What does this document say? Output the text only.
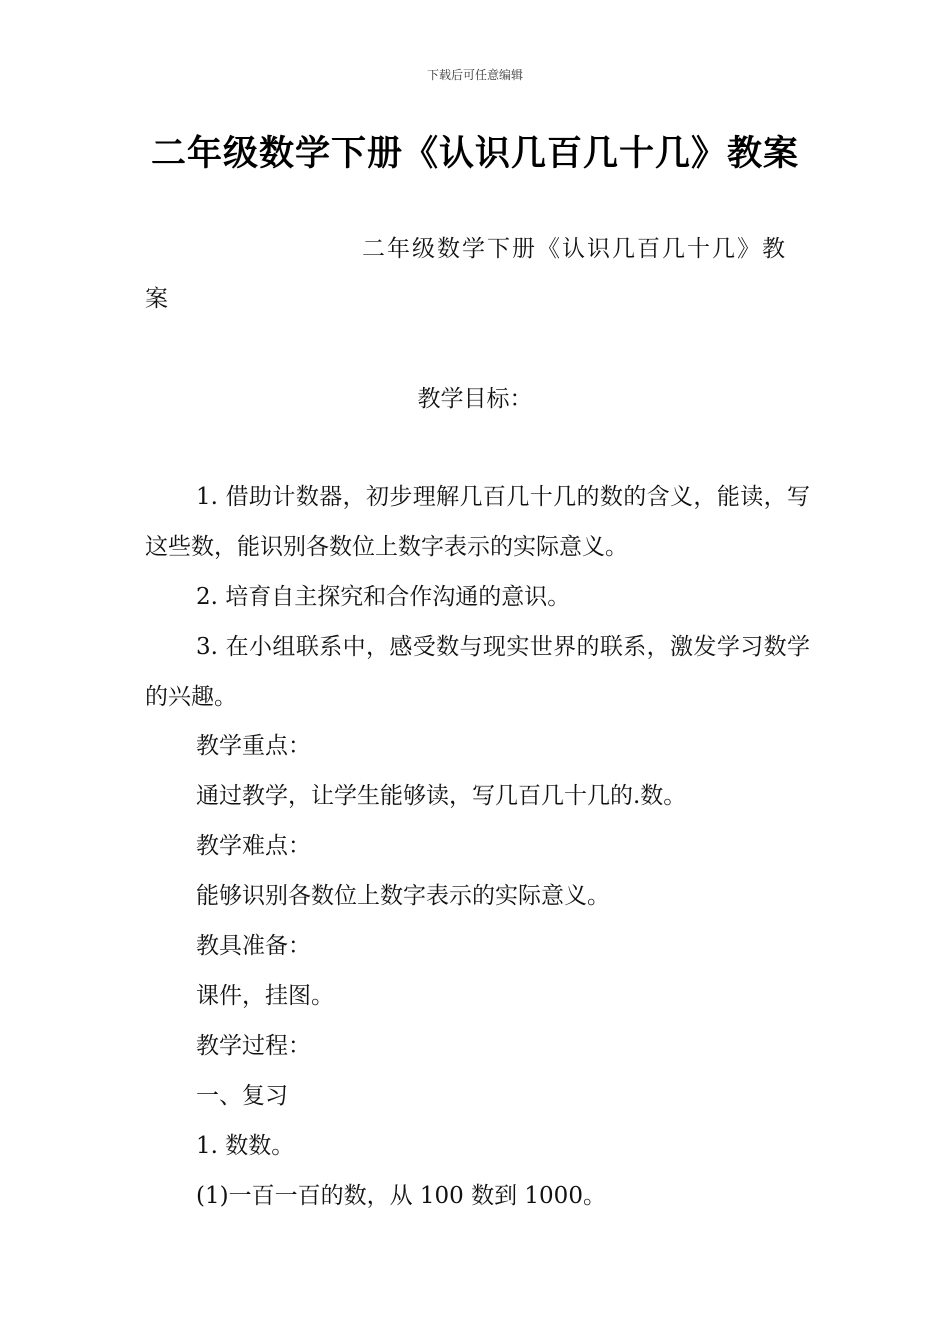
下载后可任意编辑
二年级数学下册《认识几百几十几》教案
二年级数学下册《认识几百几十几》教
案
教学目标：
1. 借助计数器，初步理解几百几十几的数的含义，能读，写这些数，能识别各数位上数字表示的实际意义。
2. 培育自主探究和合作沟通的意识。
3. 在小组联系中，感受数与现实世界的联系，激发学习数学的兴趣。
教学重点：
通过教学，让学生能够读，写几百几十几的.数。
教学难点：
能够识别各数位上数字表示的实际意义。
教具准备：
课件，挂图。
教学过程：
一、复习
1. 数数。
(1)一百一百的数，从 100 数到 1000。
